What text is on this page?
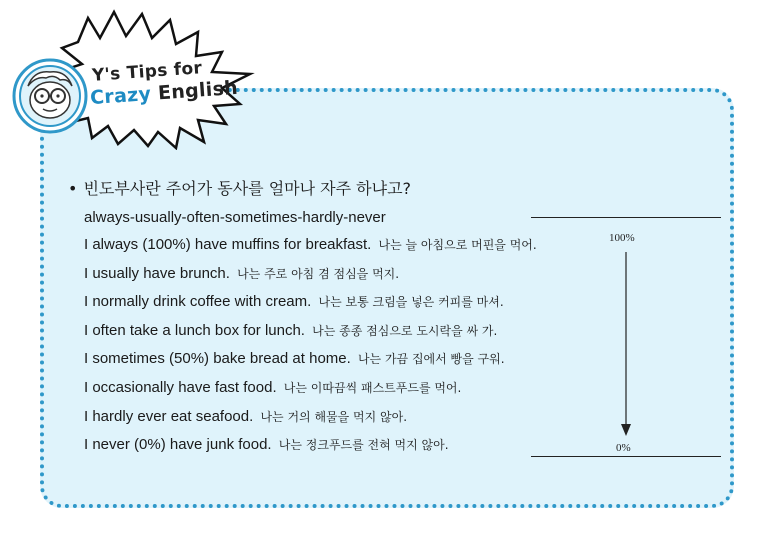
Y's Tips for
Crazy English
• 빈도부사란 주어가 동사를 얼마나 자주 하냐고?
always-usually-often-sometimes-hardly-never
I always (100%) have muffins for breakfast. 나는 늘 아침으로 머핀을 먹어.
I usually have brunch. 나는 주로 아침 겸 점심을 먹지.
I normally drink coffee with cream. 나는 보통 크림을 넣은 커피를 마셔.
I often take a lunch box for lunch. 나는 종종 점심으로 도시락을 싸 가.
I sometimes (50%) bake bread at home. 나는 가끔 집에서 빵을 구워.
I occasionally have fast food. 나는 이따끔씩 패스트푸드를 먹어.
I hardly ever eat seafood. 나는 거의 해물을 먹지 않아.
I never (0%) have junk food. 나는 정크푸드를 전혀 먹지 않아.
100%
0%
